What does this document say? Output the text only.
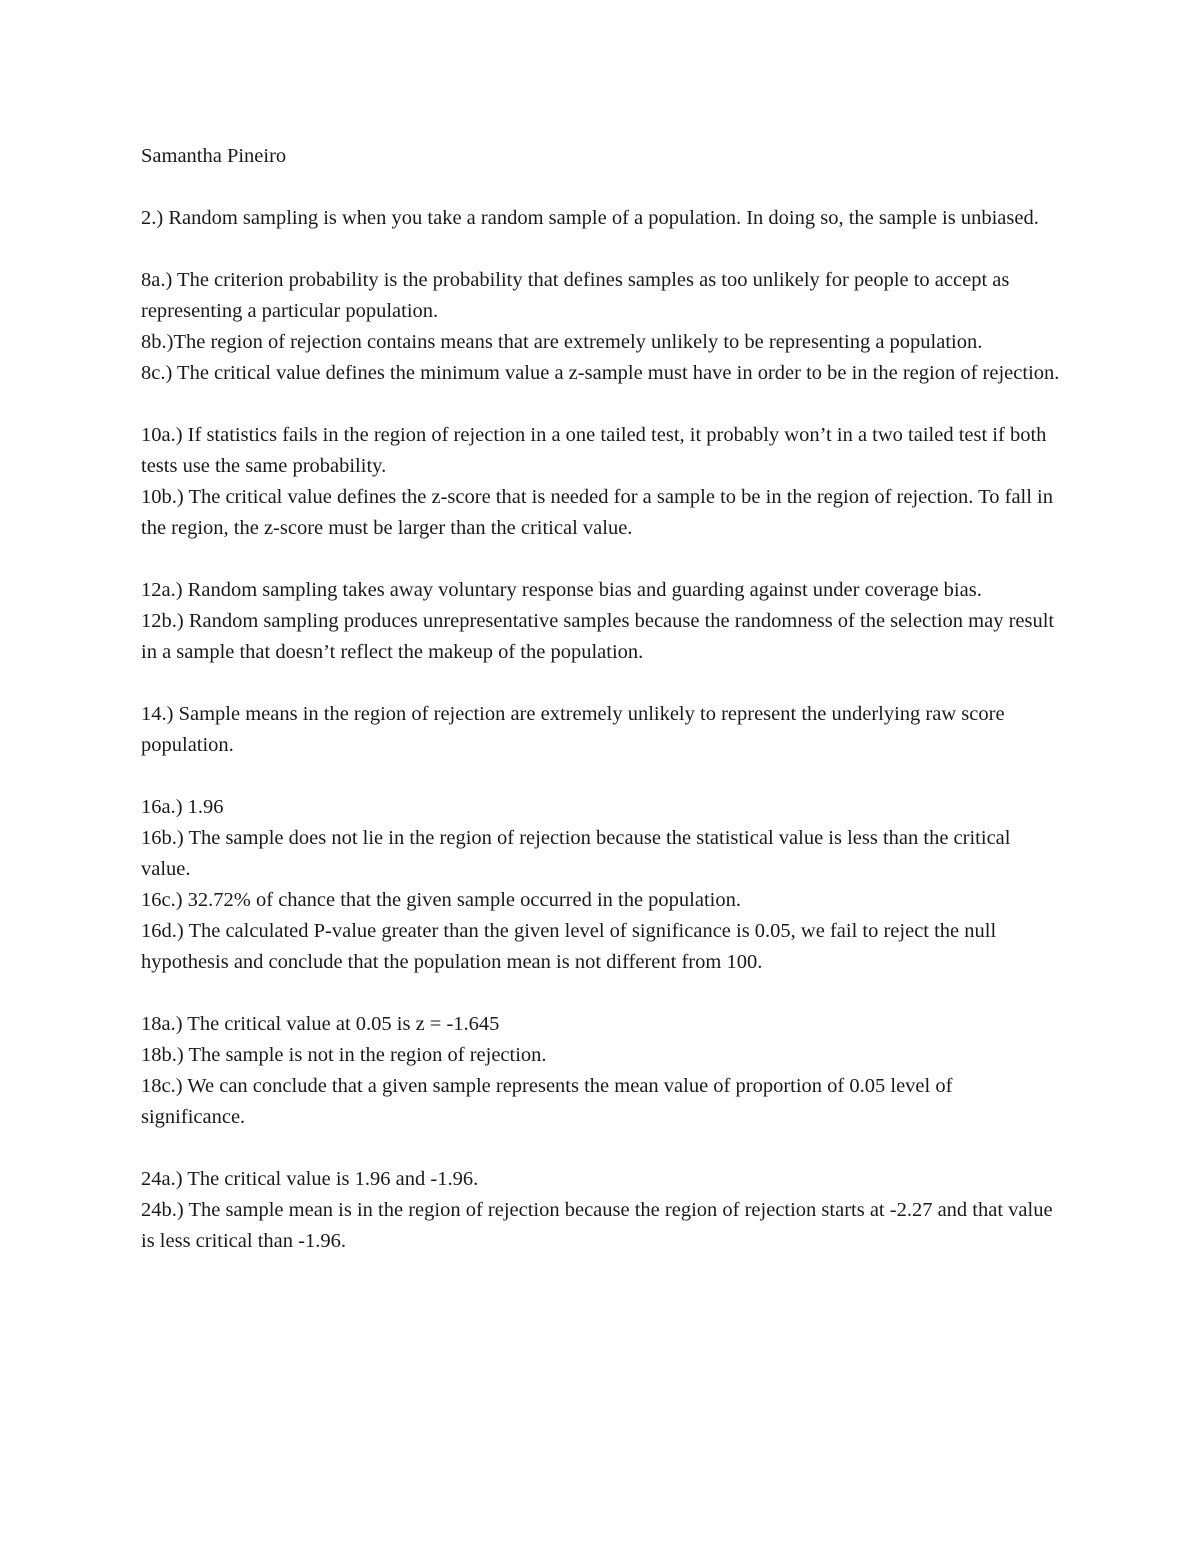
Samantha Pineiro

2.) Random sampling is when you take a random sample of a population. In doing so, the sample is unbiased.

8a.) The criterion probability is the probability that defines samples as too unlikely for people to accept as representing a particular population.

8b.)The region of rejection contains means that are extremely unlikely to be representing a population.

8c.) The critical value defines the minimum value a z-sample must have in order to be in the region of rejection.

10a.) If statistics fails in the region of rejection in a one tailed test, it probably won’t in a two tailed test if both tests use the same probability.

10b.) The critical value defines the z-score that is needed for a sample to be in the region of rejection. To fall in the region, the z-score must be larger than the critical value.

12a.) Random sampling takes away voluntary response bias and guarding against under coverage bias.

12b.) Random sampling produces unrepresentative samples because the randomness of the selection may result in a sample that doesn’t reflect the makeup of the population.

14.) Sample means in the region of rejection are extremely unlikely to represent the underlying raw score population.

16a.) 1.96

16b.) The sample does not lie in the region of rejection because the statistical value is less than the critical value.

16c.) 32.72% of chance that the given sample occurred in the population.

16d.) The calculated P-value greater than the given level of significance is 0.05, we fail to reject the null hypothesis and conclude that the population mean is not different from 100.

18a.) The critical value at 0.05 is z = -1.645

18b.) The sample is not in the region of rejection.

18c.) We can conclude that a given sample represents the mean value of proportion of 0.05 level of significance.

24a.) The critical value is 1.96 and -1.96.

24b.) The sample mean is in the region of rejection because the region of rejection starts at -2.27 and that value is less critical than -1.96.
